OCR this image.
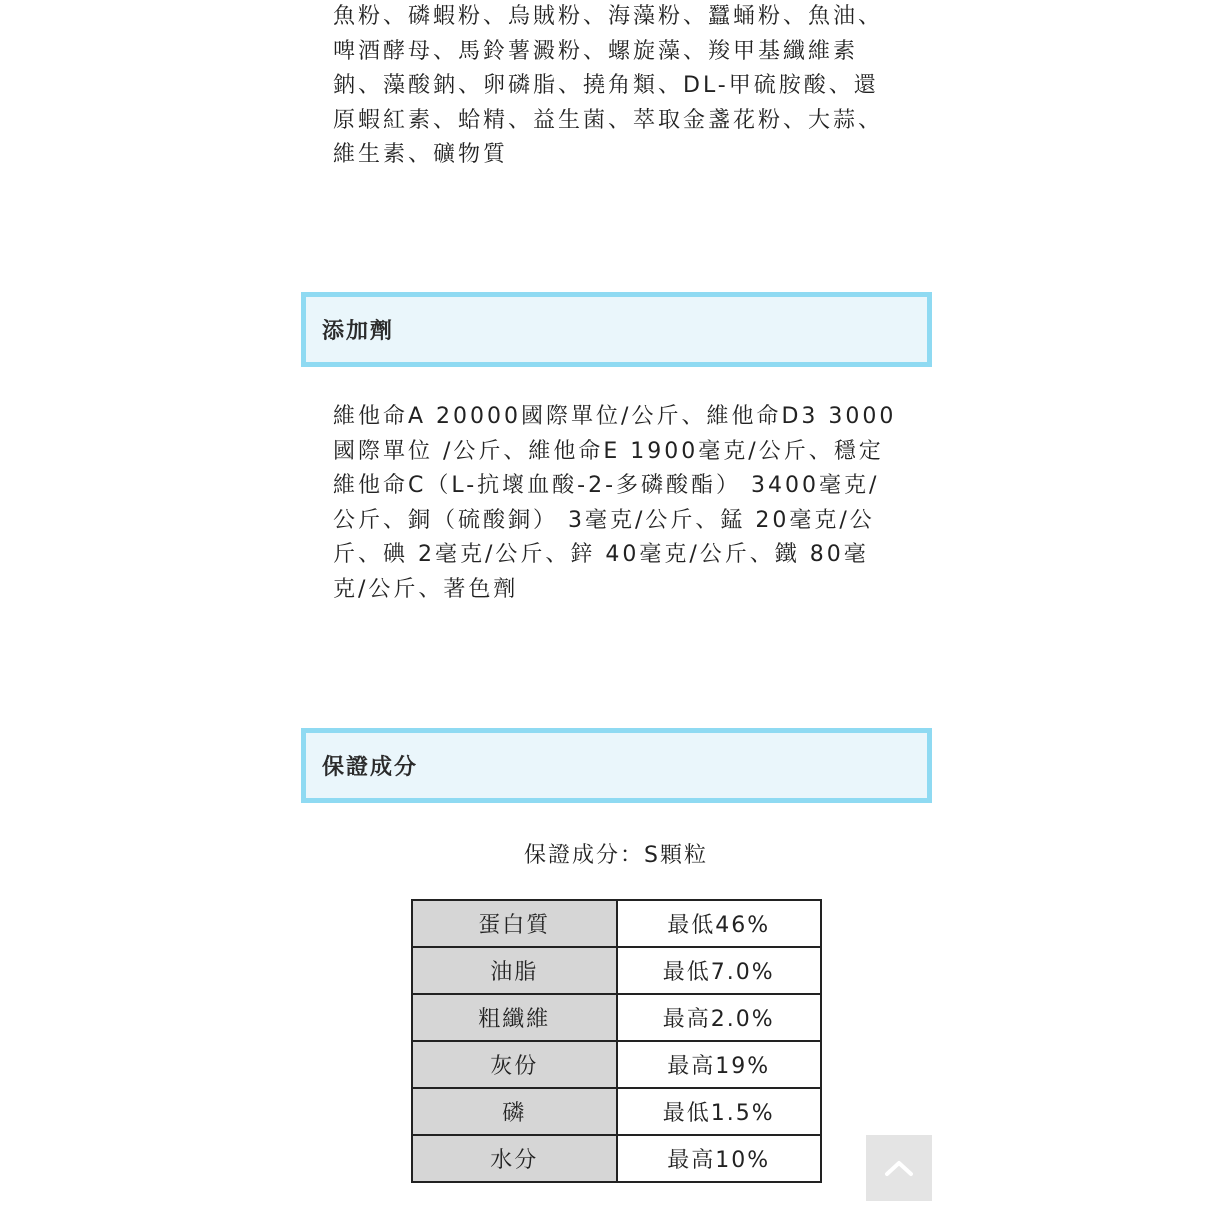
魚粉、磷蝦粉、烏賊粉、海藻粉、蠶蛹粉、魚油、啤酒酵母、馬鈴薯澱粉、螺旋藻、羧甲基纖維素鈉、藻酸鈉、卵磷脂、撓角類、DL-甲硫胺酸、還原蝦紅素、蛤精、益生菌、萃取金盞花粉、大蒜、維生素、礦物質

添加劑

維他命A 20000國際單位/公斤、維他命D3 3000國際單位 /公斤、維他命E 1900毫克/公斤、穩定維他命C（L-抗壞血酸-2-多磷酸酯） 3400毫克/公斤、銅（硫酸銅） 3毫克/公斤、錳 20毫克/公斤、碘 2毫克/公斤、鋅 40毫克/公斤、鐵 80毫克/公斤、著色劑

保證成分
保證成分：S顆粒
蛋白質	最低46%
油脂	最低7.0%
粗纖維	最高2.0%
灰份	最高19%
磷	最低1.5%
水分	最高10%
